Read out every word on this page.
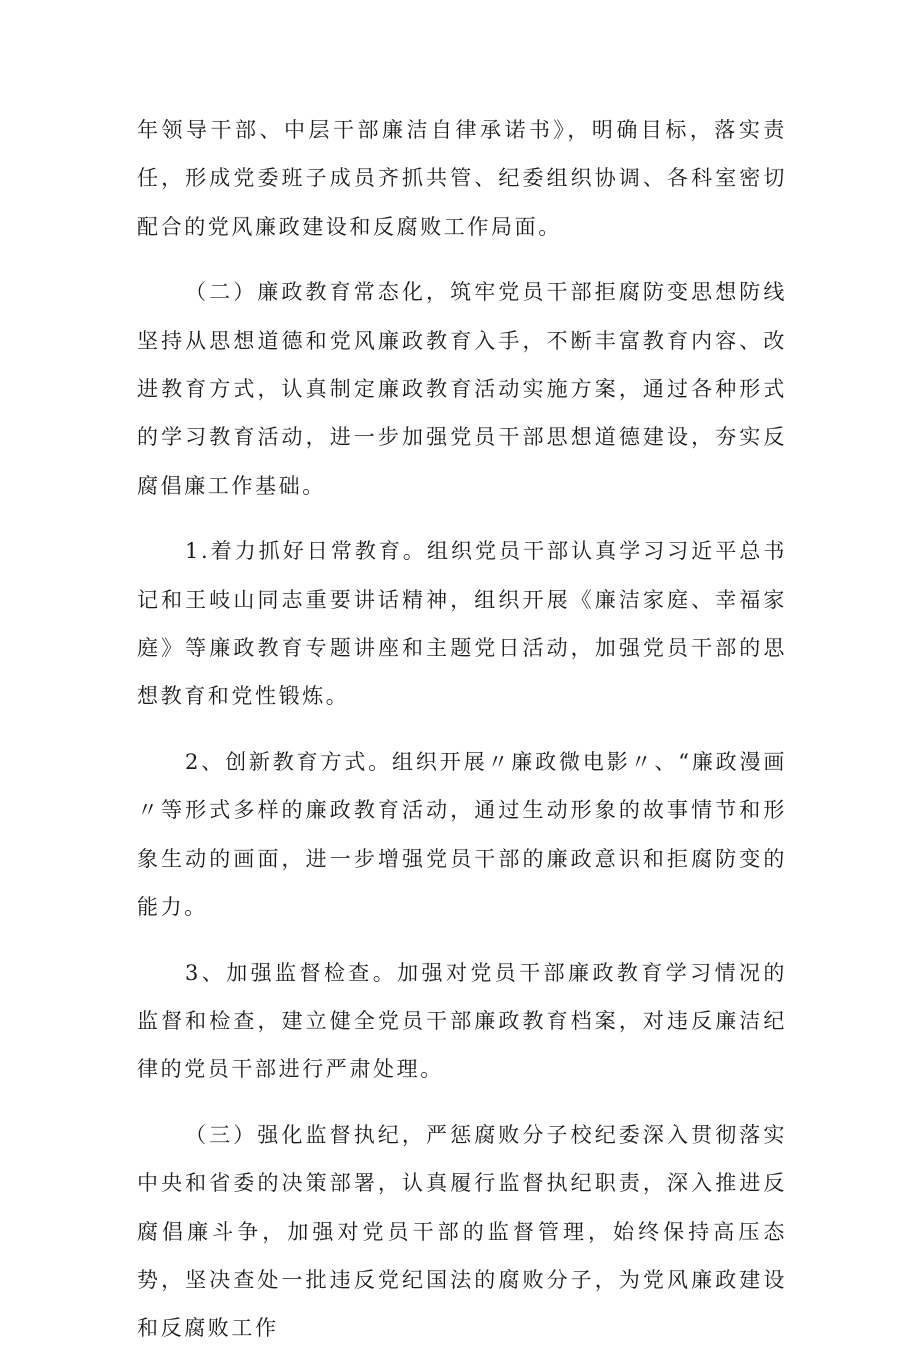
年领导干部、中层干部廉洁自律承诺书》，明确目标，落实责任，形成党委班子成员齐抓共管、纪委组织协调、各科室密切配合的党风廉政建设和反腐败工作局面。

（二）廉政教育常态化，筑牢党员干部拒腐防变思想防线坚持从思想道德和党风廉政教育入手，不断丰富教育内容、改进教育方式，认真制定廉政教育活动实施方案，通过各种形式的学习教育活动，进一步加强党员干部思想道德建设，夯实反腐倡廉工作基础。

1.着力抓好日常教育。组织党员干部认真学习习近平总书记和王岐山同志重要讲话精神，组织开展《廉洁家庭、幸福家庭》等廉政教育专题讲座和主题党日活动，加强党员干部的思想教育和党性锻炼。

2、创新教育方式。组织开展〃廉政微电影〃、“廉政漫画〃等形式多样的廉政教育活动，通过生动形象的故事情节和形象生动的画面，进一步增强党员干部的廉政意识和拒腐防变的能力。

3、加强监督检查。加强对党员干部廉政教育学习情况的监督和检查，建立健全党员干部廉政教育档案，对违反廉洁纪律的党员干部进行严肃处理。

（三）强化监督执纪，严惩腐败分子校纪委深入贯彻落实中央和省委的决策部署，认真履行监督执纪职责，深入推进反腐倡廉斗争，加强对党员干部的监督管理，始终保持高压态势，坚决查处一批违反党纪国法的腐败分子，为党风廉政建设和反腐败工作
